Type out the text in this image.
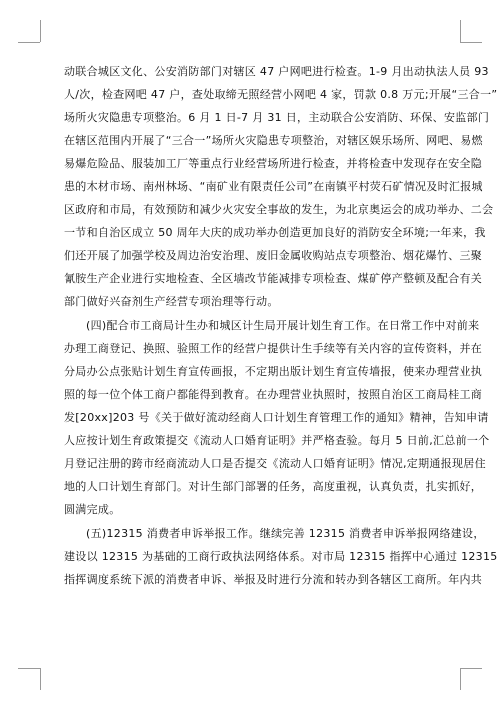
动联合城区文化、公安消防部门对辖区 47 户网吧进行检查。1-9 月出动执法人员 93
人/次，检查网吧 47 户，查处取缔无照经营小网吧 4 家，罚款 0.8 万元;开展“三合一”
场所火灾隐患专项整治。6 月 1 日-7 月 31 日，主动联合公安消防、环保、安监部门
在辖区范围内开展了“三合一”场所火灾隐患专项整治，对辖区娱乐场所、网吧、易燃
易爆危险品、服装加工厂等重点行业经营场所进行检查，并将检查中发现存在安全隐
患的木材市场、南州林场、“南矿业有限责任公司”在南镇平村荧石矿情况及时汇报城
区政府和市局，有效预防和减少火灾安全事故的发生，为北京奥运会的成功举办、二会
一节和自治区成立 50 周年大庆的成功举办创造更加良好的消防安全环境;一年来，我
们还开展了加强学校及周边治安治理、废旧金属收购站点专项整治、烟花爆竹、三聚
氰胺生产企业进行实地检查、全区墙改节能减排专项检查、煤矿停产整顿及配合有关
部门做好兴奋剂生产经营专项治理等行动。
(四)配合市工商局计生办和城区计生局开展计划生育工作。在日常工作中对前来
办理工商登记、换照、验照工作的经营户提供计生手续等有关内容的宣传资料，并在
分局办公点张贴计划生育宣传画报，不定期出版计划生育宣传墙报，使来办理营业执
照的每一位个体工商户都能得到教育。在办理营业执照时，按照自治区工商局桂工商
发[20xx]203 号《关于做好流动经商人口计划生育管理工作的通知》精神，告知申请
人应按计划生育政策提交《流动人口婚育证明》并严格查验。每月 5 日前,汇总前一个
月登记注册的跨市经商流动人口是否提交《流动人口婚育证明》情况,定期通报现居住
地的人口计划生育部门。对计生部门部署的任务，高度重视，认真负责，扎实抓好，
圆满完成。
(五)12315 消费者申诉举报工作。继续完善 12315 消费者申诉举报网络建设，
建设以 12315 为基础的工商行政执法网络体系。对市局 12315 指挥中心通过 12315
指挥调度系统下派的消费者申诉、举报及时进行分流和转办到各辖区工商所。年内共
